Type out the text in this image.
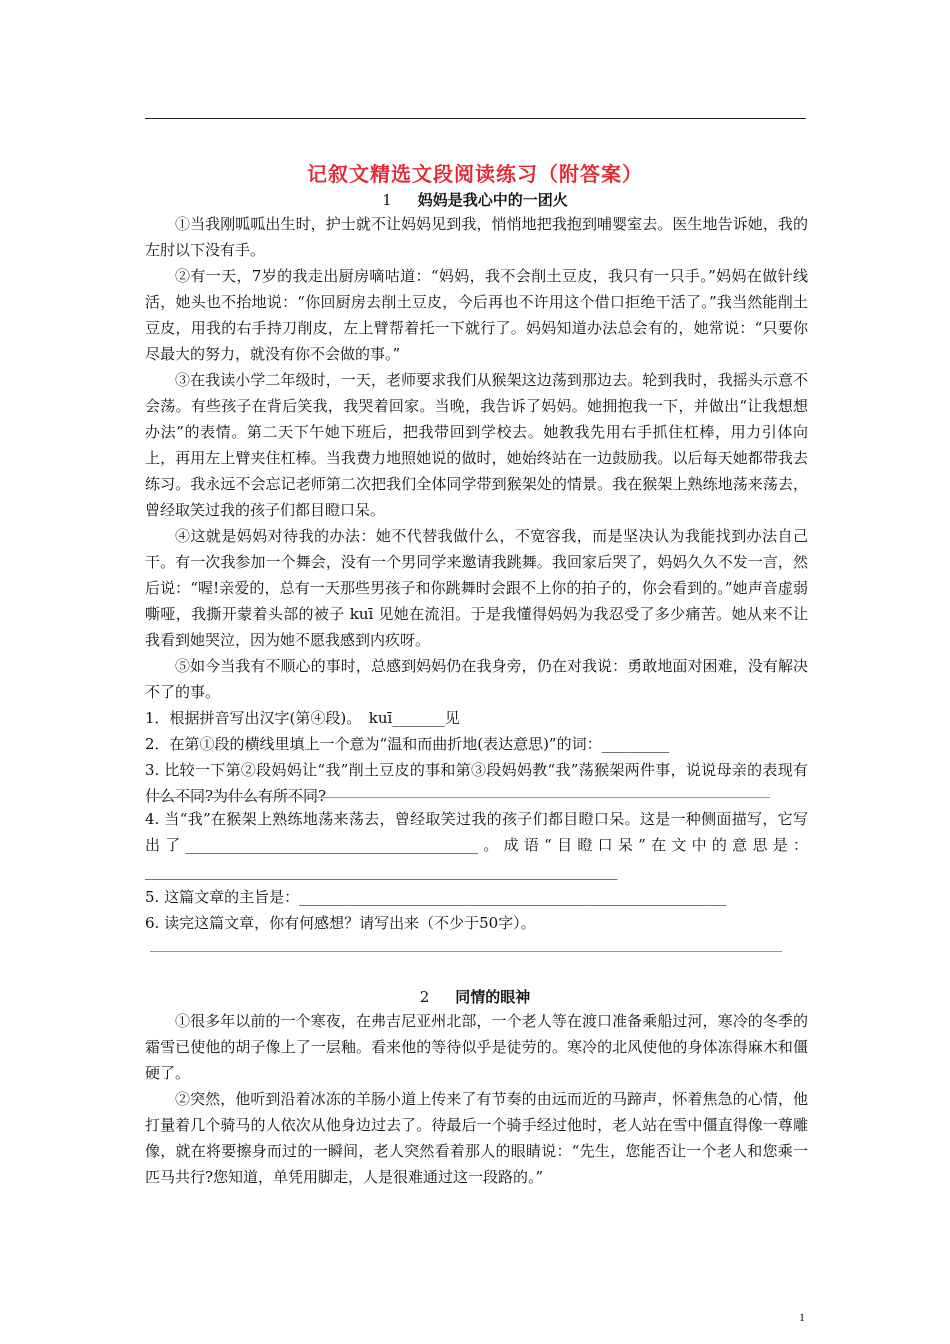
记叙文精选文段阅读练习（附答案）
1 妈妈是我心中的一团火

①当我刚呱呱出生时，护士就不让妈妈见到我，悄悄地把我抱到哺婴室去。医生地告诉她，我的左肘以下没有手。

②有一天，7岁的我走出厨房嘀咕道：“妈妈，我不会削土豆皮，我只有一只手。”妈妈在做针线活，她头也不抬地说：“你回厨房去削土豆皮，今后再也不许用这个借口拒绝干活了。”我当然能削土豆皮，用我的右手持刀削皮，左上臂帮着托一下就行了。妈妈知道办法总会有的，她常说：“只要你尽最大的努力，就没有你不会做的事。”

③在我读小学二年级时，一天，老师要求我们从猴架这边荡到那边去。轮到我时，我摇头示意不会荡。有些孩子在背后笑我，我哭着回家。当晚，我告诉了妈妈。她拥抱我一下，并做出“让我想想办法”的表情。第二天下午她下班后，把我带回到学校去。她教我先用右手抓住杠棒，用力引体向上，再用左上臂夹住杠棒。当我费力地照她说的做时，她始终站在一边鼓励我。以后每天她都带我去练习。我永远不会忘记老师第二次把我们全体同学带到猴架处的情景。我在猴架上熟练地荡来荡去，曾经取笑过我的孩子们都目瞪口呆。

④这就是妈妈对待我的办法：她不代替我做什么，不宽容我，而是坚决认为我能找到办法自己干。有一次我参加一个舞会，没有一个男同学来邀请我跳舞。我回家后哭了，妈妈久久不发一言，然后说：“喔!亲爱的，总有一天那些男孩子和你跳舞时会跟不上你的拍子的，你会看到的。”她声音虚弱嘶哑，我撕开蒙着头部的被子 kuī 见她在流泪。于是我懂得妈妈为我忍受了多少痛苦。她从来不让我看到她哭泣，因为她不愿我感到内疚呀。

⑤如今当我有不顺心的事时，总感到妈妈仍在我身旁，仍在对我说：勇敢地面对困难，没有解决不了的事。

1．根据拼音写出汉字(第④段)。　kuī_______见

2．在第①段的横线里填上一个意为“温和而曲折地(表达意思)”的词：_________

3. 比较一下第②段妈妈让“我”削土豆皮的事和第③段妈妈教“我”荡猴架两件事，说说母亲的表现有什么不同?为什么有所不同?

4. 当“我”在猴架上熟练地荡来荡去，曾经取笑过我的孩子们都目瞪口呆。这是一种侧面描写，它写出了_______________________________________。成语“目瞪口呆”在文中的意思是：_______________________________________________________________

5. 这篇文章的主旨是：_________________________________________________________

6. 读完这篇文章，你有何感想？请写出来（不少于50字）。

2 同情的眼神

①很多年以前的一个寒夜，在弗吉尼亚州北部，一个老人等在渡口准备乘船过河，寒冷的冬季的霜雪已使他的胡子像上了一层釉。看来他的等待似乎是徒劳的。寒冷的北风使他的身体冻得麻木和僵硬了。

②突然，他听到沿着冰冻的羊肠小道上传来了有节奏的由远而近的马蹄声，怀着焦急的心情，他打量着几个骑马的人依次从他身边过去了。待最后一个骑手经过他时，老人站在雪中僵直得像一尊雕像，就在将要擦身而过的一瞬间，老人突然看着那人的眼睛说：“先生，您能否让一个老人和您乘一匹马共行?您知道，单凭用脚走，人是很难通过这一段路的。”

1
